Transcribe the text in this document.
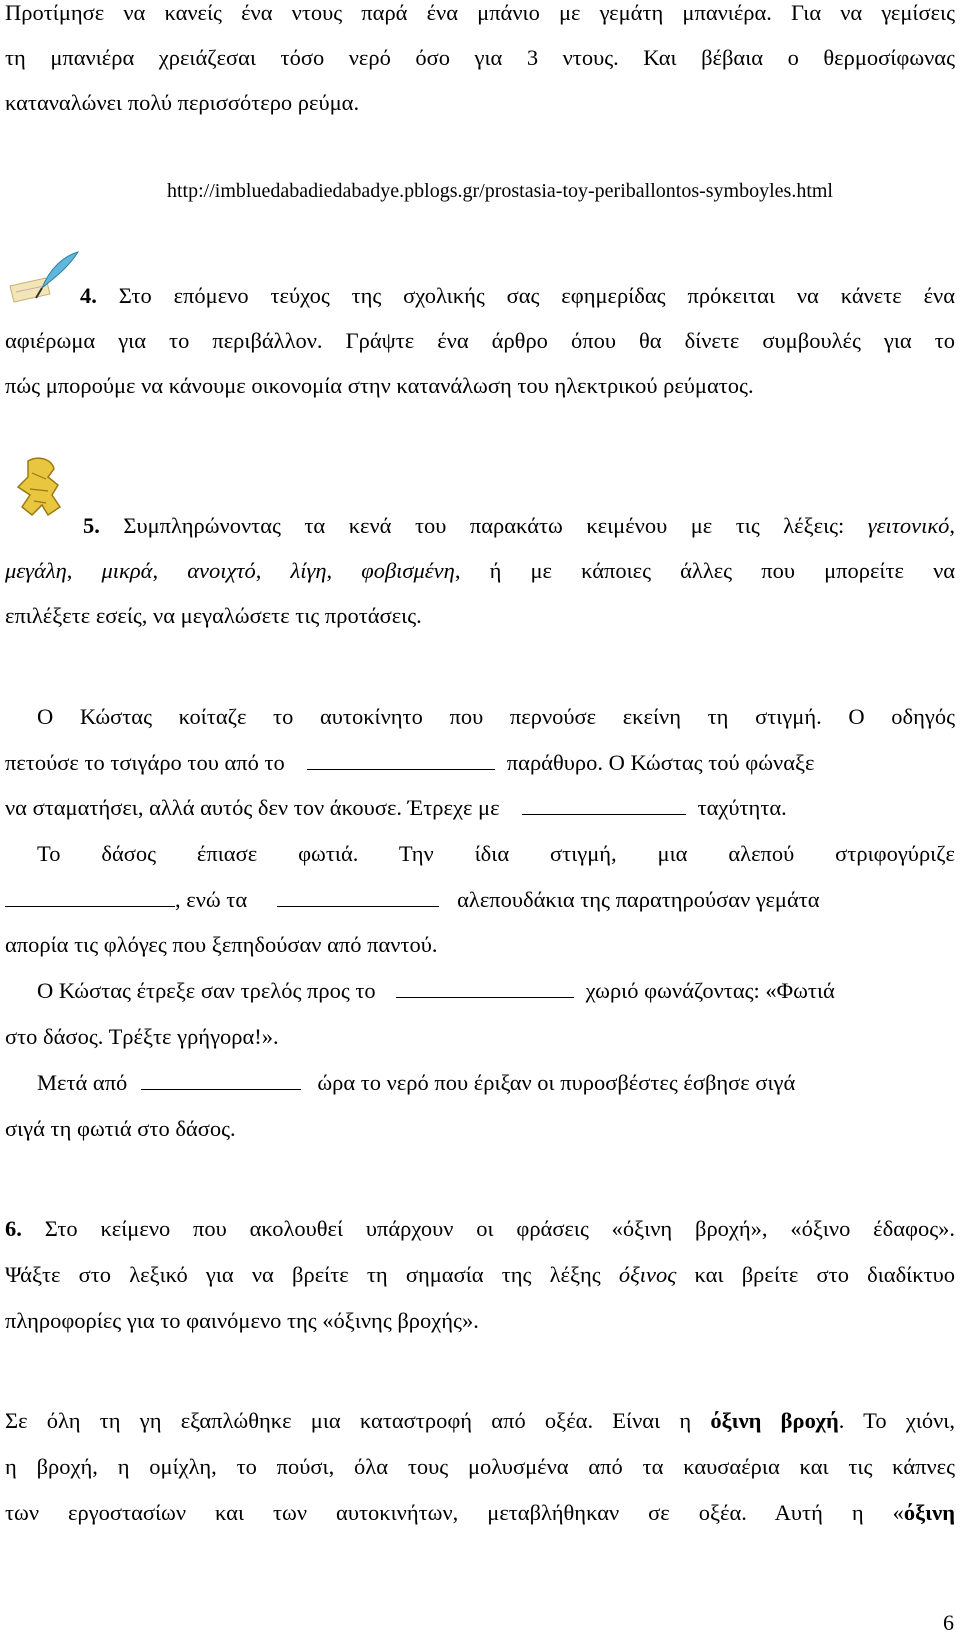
Προτίμησε να κανείς ένα ντους παρά ένα μπάνιο με γεμάτη μπανιέρα. Για να γεμίσεις
τη μπανιέρα χρειάζεσαι τόσο νερό όσο για 3 ντους. Και βέβαια ο θερμοσίφωνας
καταναλώνει πολύ περισσότερο ρεύμα.
http://imbluedabadiedabadye.pblogs.gr/prostasia-toy-periballontos-symboyles.html
4. Στο επόμενο τεύχος της σχολικής σας εφημερίδας πρόκειται να κάνετε ένα
αφιέρωμα για το περιβάλλον. Γράψτε ένα άρθρο όπου θα δίνετε συμβουλές για το
πώς μπορούμε να κάνουμε οικονομία στην κατανάλωση του ηλεκτρικού ρεύματος.
5. Συμπληρώνοντας τα κενά του παρακάτω κειμένου με τις λέξεις: γειτονικό,
μεγάλη, μικρά, ανοιχτό, λίγη, φοβισμένη, ή με κάποιες άλλες που μπορείτε να
επιλέξετε εσείς, να μεγαλώσετε τις προτάσεις.
Ο Κώστας κοίταζε το αυτοκίνητο που περνούσε εκείνη τη στιγμή. Ο οδηγός
πετούσε το τσιγάρο του από το	παράθυρο. Ο Κώστας τού φώναξε
να σταματήσει, αλλά αυτός δεν τον άκουσε. Έτρεχε με	ταχύτητα.
Το δάσος έπιασε φωτιά. Την ίδια στιγμή, μια αλεπού στριφογύριζε
, ενώ τα	αλεπουδάκια της παρατηρούσαν γεμάτα
απορία τις φλόγες που ξεπηδούσαν από παντού.
Ο Κώστας έτρεξε σαν τρελός προς το	χωριό φωνάζοντας: «Φωτιά
στο δάσος. Τρέξτε γρήγορα!».
Μετά από	ώρα το νερό που έριξαν οι πυροσβέστες έσβησε σιγά
σιγά τη φωτιά στο δάσος.
6. Στο κείμενο που ακολουθεί υπάρχουν οι φράσεις «όξινη βροχή», «όξινο έδαφος».
Ψάξτε στο λεξικό για να βρείτε τη σημασία της λέξης όξινος και βρείτε στο διαδίκτυο
πληροφορίες για το φαινόμενο της «όξινης βροχής».
Σε όλη τη γη εξαπλώθηκε μια καταστροφή από οξέα. Είναι η όξινη βροχή. Το χιόνι,
η βροχή, η ομίχλη, το πούσι, όλα τους μολυσμένα από τα καυσαέρια και τις κάπνες
των εργοστασίων και των αυτοκινήτων, μεταβλήθηκαν σε οξέα. Αυτή η «όξινη
6
